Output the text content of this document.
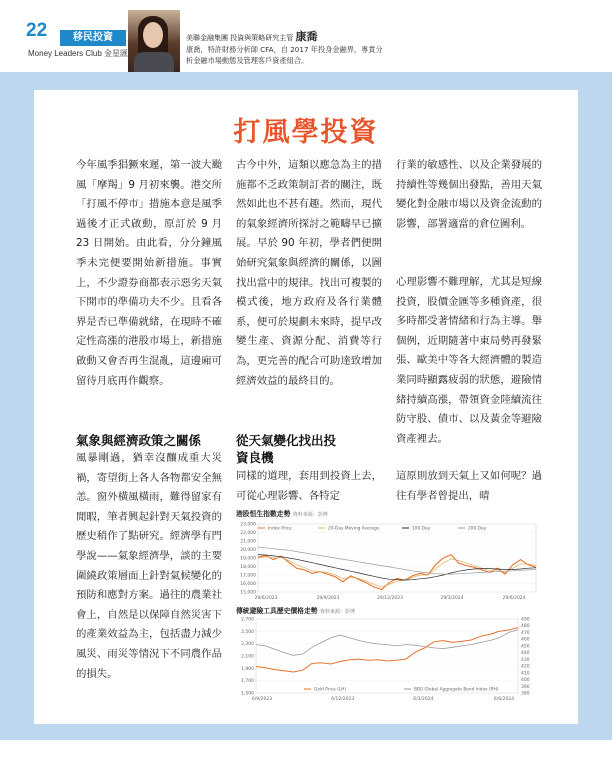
22	移民投資
Money Leaders Club 金星匯
美聯金融集團 投資與策略研究主管 康喬
康喬，特許財務分析師 CFA，自 2017 年投身金融界，專責分析金融市場動態及管理客戶資產組合。
打風學投資

今年風季猖獗來遲，第一波大颱風「摩羯」9 月初來襲。港交所「打風不停市」措施本意是風季過後才正式啟動，原訂於 9 月 23 日開始。由此看，分分鐘風季未完便要開始新措施。事實上，不少證券商都表示惡劣天氣下開市的準備功夫不少。且看各界是否已準備就緒，在現時不確定性高漲的港股市場上，新措施啟動又會否再生混亂，這邊廂可留待月底再作觀察。

氣象與經濟政策之關係

風暴剛過，猶幸沒釀成重大災禍，寄望街上各人各物都安全無恙。窗外橫風橫雨，難得留家有閒暇，筆者興起針對天氣投資的歷史稍作了點研究。經濟學有門學說——氣象經濟學，談的主要圍繞政策層面上針對氣候變化的預防和應對方案。過往的農業社會上，自然是以保障自然災害下的產業效益為主，包括盡力減少風災、雨災等情況下不同農作品的損失。

古今中外，這類以應急為主的措施都不乏政策制訂者的關注，既然如此也不甚有趣。然而，現代的氣象經濟所探討之範疇早已擴展。早於 90 年初，學者們便開始研究氣象與經濟的關係，以圖找出當中的規律。找出可複製的模式後，地方政府及各行業體系，便可於規劃未來時，提早改變生產、資源分配、消費等行為，更完善的配合可助達致增加經濟效益的最終目的。

從天氣變化找出投資良機

同樣的道理，套用到投資上去，可從心理影響、各特定

行業的敏感性、以及企業發展的持續性等幾個出發點，善用天氣變化對金融市場以及資金流動的影響，部署適當的倉位圖利。

心理影響不難理解，尤其是短線投資，股價金匯等多種資產，很多時都受著情緒和行為主導。舉個例，近期隨著中東局勢再發緊張、歐美中等各大經濟體的製造業同時顯露疲弱的狀態，避險情緒持續高漲，帶領資金陸續流往防守股、債市、以及黃金等避險資產裡去。

這原則放到天氣上又如何呢？過往有學者曾提出，晴

港股恒生指數走勢 資料來源：彭博
23,000
22,000
21,000
20,000
19,000
18,000
17,000
16,000
15,000
29/6/2023	29/9/2023	29/12/2023	29/3/2024	29/6/2024
Index Price	20-Day Moving Average	100-Day	200-Day
傳統避險工具歷史價格走勢 資料來源：彭博
2,700
2,500
2,300
2,100
1,900
1,700
1,500
490
480
470
460
450
440
430
420
410
400
390
380
6/9/2023	6/12/2023	6/3/2024	6/6/2024
Gold Price (LH)	BBG Global Aggregate Bond Index (RH)
